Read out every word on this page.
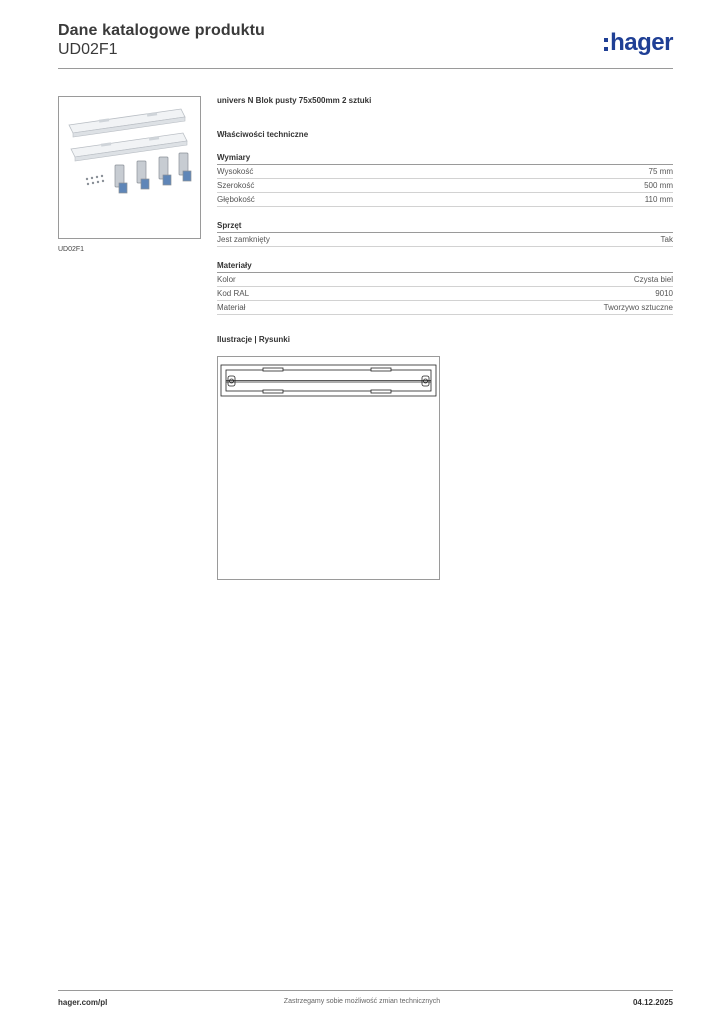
Dane katalogowe produktu
UD02F1	hager
UD02F1
univers N Blok pusty 75x500mm 2 sztuki
Właściwości techniczne
Wymiary
Wysokość	75 mm
Szerokość	500 mm
Głębokość	110 mm
Sprzęt
Jest zamknięty	Tak
Materiały
Kolor	Czysta biel
Kod RAL	9010
Materiał	Tworzywo sztuczne
Ilustracje | Rysunki
hager.com/pl	Zastrzegamy sobie możliwość zmian technicznych	04.12.2025
